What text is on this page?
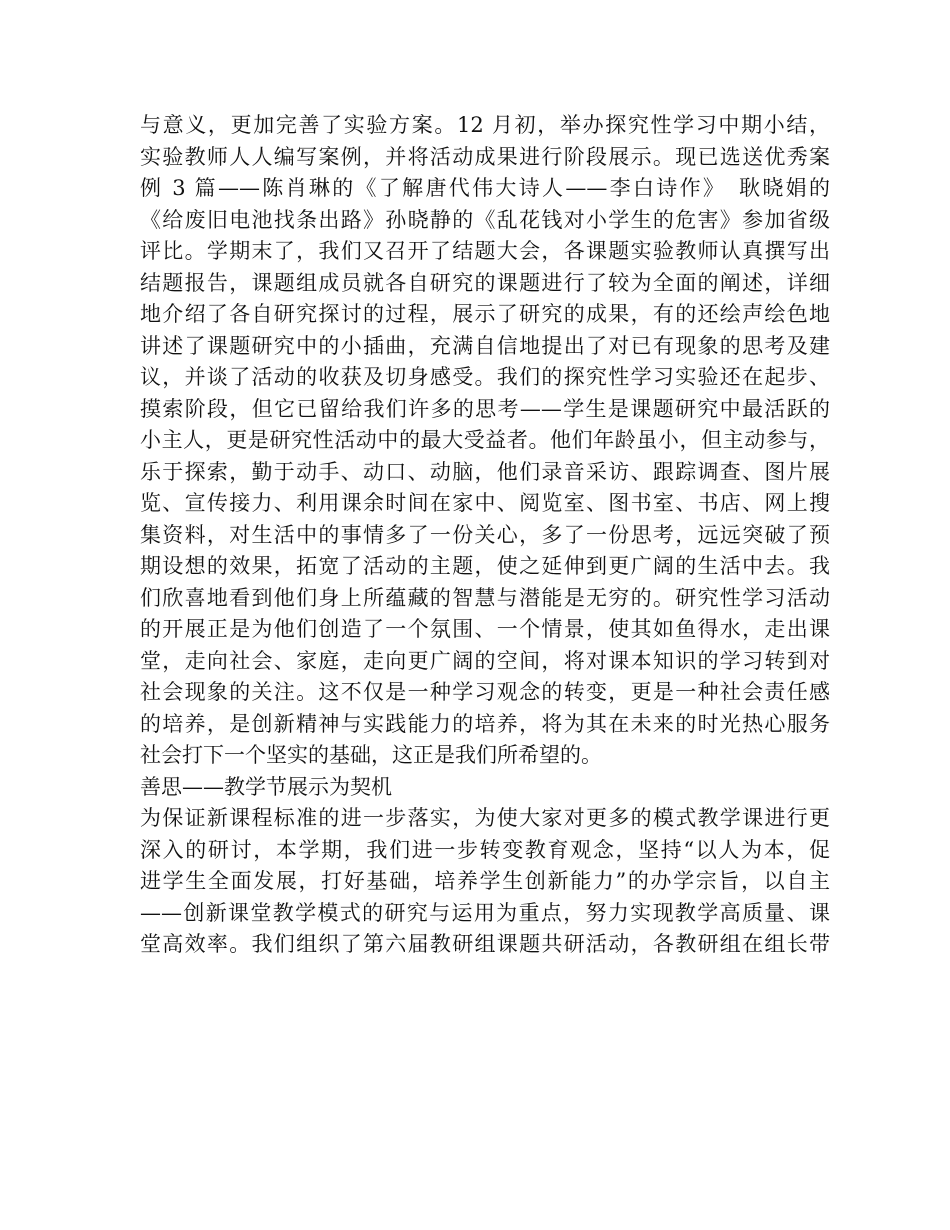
与意义，更加完善了实验方案。12 月初，举办探究性学习中期小结，
实验教师人人编写案例，并将活动成果进行阶段展示。现已选送优秀案
例 3 篇——陈肖琳的《了解唐代伟大诗人——李白诗作》　耿晓娟的
《给废旧电池找条出路》孙晓静的《乱花钱对小学生的危害》参加省级
评比。学期末了，我们又召开了结题大会，各课题实验教师认真撰写出
结题报告，课题组成员就各自研究的课题进行了较为全面的阐述，详细
地介绍了各自研究探讨的过程，展示了研究的成果，有的还绘声绘色地
讲述了课题研究中的小插曲，充满自信地提出了对已有现象的思考及建
议，并谈了活动的收获及切身感受。我们的探究性学习实验还在起步、
摸索阶段，但它已留给我们许多的思考——学生是课题研究中最活跃的
小主人，更是研究性活动中的最大受益者。他们年龄虽小，但主动参与，
乐于探索，勤于动手、动口、动脑，他们录音采访、跟踪调查、图片展
览、宣传接力、利用课余时间在家中、阅览室、图书室、书店、网上搜
集资料，对生活中的事情多了一份关心，多了一份思考，远远突破了预
期设想的效果，拓宽了活动的主题，使之延伸到更广阔的生活中去。我
们欣喜地看到他们身上所蕴藏的智慧与潜能是无穷的。研究性学习活动
的开展正是为他们创造了一个氛围、一个情景，使其如鱼得水，走出课
堂，走向社会、家庭，走向更广阔的空间，将对课本知识的学习转到对
社会现象的关注。这不仅是一种学习观念的转变，更是一种社会责任感
的培养，是创新精神与实践能力的培养，将为其在未来的时光热心服务
社会打下一个坚实的基础，这正是我们所希望的。
善思——教学节展示为契机
为保证新课程标准的进一步落实，为使大家对更多的模式教学课进行更
深入的研讨，本学期，我们进一步转变教育观念，坚持“以人为本，促
进学生全面发展，打好基础，培养学生创新能力”的办学宗旨，以自主
——创新课堂教学模式的研究与运用为重点，努力实现教学高质量、课
堂高效率。我们组织了第六届教研组课题共研活动，各教研组在组长带
